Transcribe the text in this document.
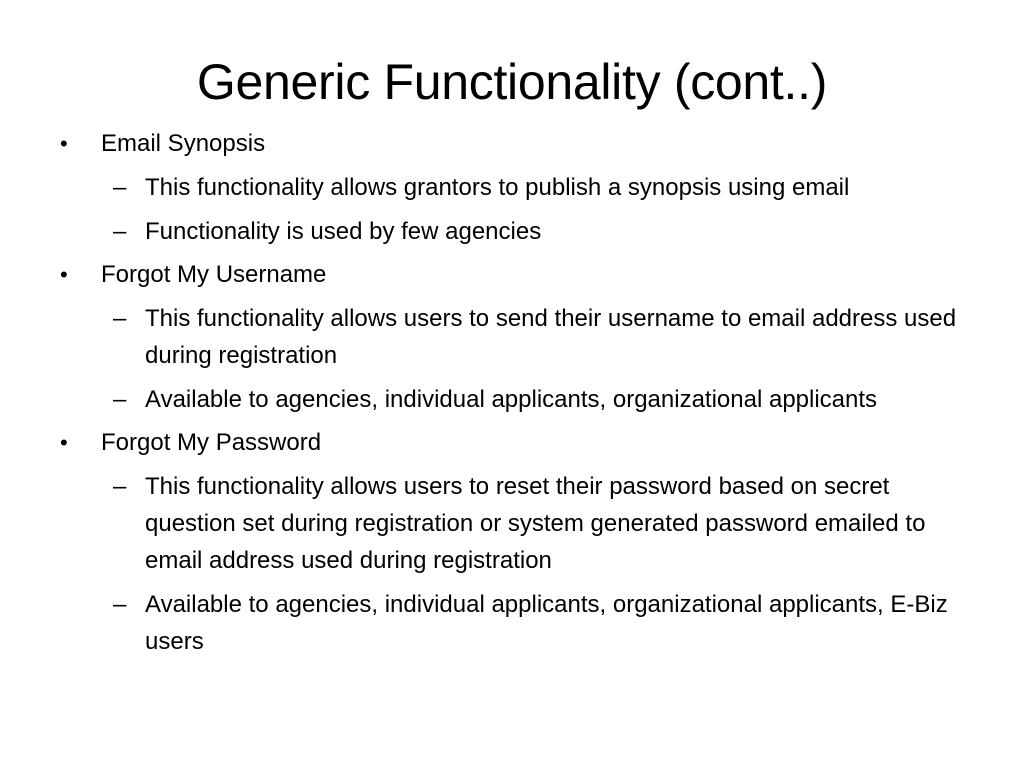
Generic Functionality (cont..)
• Email Synopsis
– This functionality allows grantors to publish a synopsis using email
– Functionality is used by few agencies
• Forgot My Username
– This functionality allows users to send their username to email address used during registration
– Available to agencies, individual applicants, organizational applicants
• Forgot My Password
– This functionality allows users to reset their password based on secret question set during registration or system generated password emailed to email address used during registration
– Available to agencies, individual applicants, organizational applicants, E-Biz users
